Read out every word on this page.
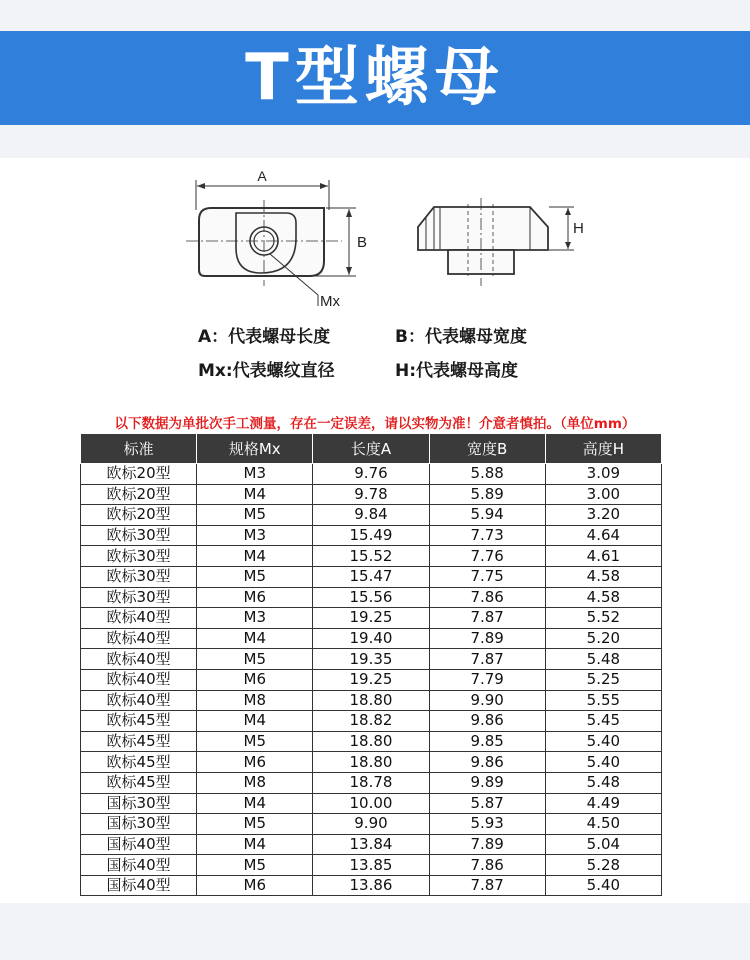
T型螺母
A
B
Mx
H
A：代表螺母长度	B：代表螺母宽度
Mx:代表螺纹直径	H:代表螺母高度
以下数据为单批次手工测量，存在一定误差，请以实物为准！介意者慎拍。（单位mm）
标准	规格Mx	长度A	宽度B	高度H
欧标20型	M3	9.76	5.88	3.09
欧标20型	M4	9.78	5.89	3.00
欧标20型	M5	9.84	5.94	3.20
欧标30型	M3	15.49	7.73	4.64
欧标30型	M4	15.52	7.76	4.61
欧标30型	M5	15.47	7.75	4.58
欧标30型	M6	15.56	7.86	4.58
欧标40型	M3	19.25	7.87	5.52
欧标40型	M4	19.40	7.89	5.20
欧标40型	M5	19.35	7.87	5.48
欧标40型	M6	19.25	7.79	5.25
欧标40型	M8	18.80	9.90	5.55
欧标45型	M4	18.82	9.86	5.45
欧标45型	M5	18.80	9.85	5.40
欧标45型	M6	18.80	9.86	5.40
欧标45型	M8	18.78	9.89	5.48
国标30型	M4	10.00	5.87	4.49
国标30型	M5	9.90	5.93	4.50
国标40型	M4	13.84	7.89	5.04
国标40型	M5	13.85	7.86	5.28
国标40型	M6	13.86	7.87	5.40
